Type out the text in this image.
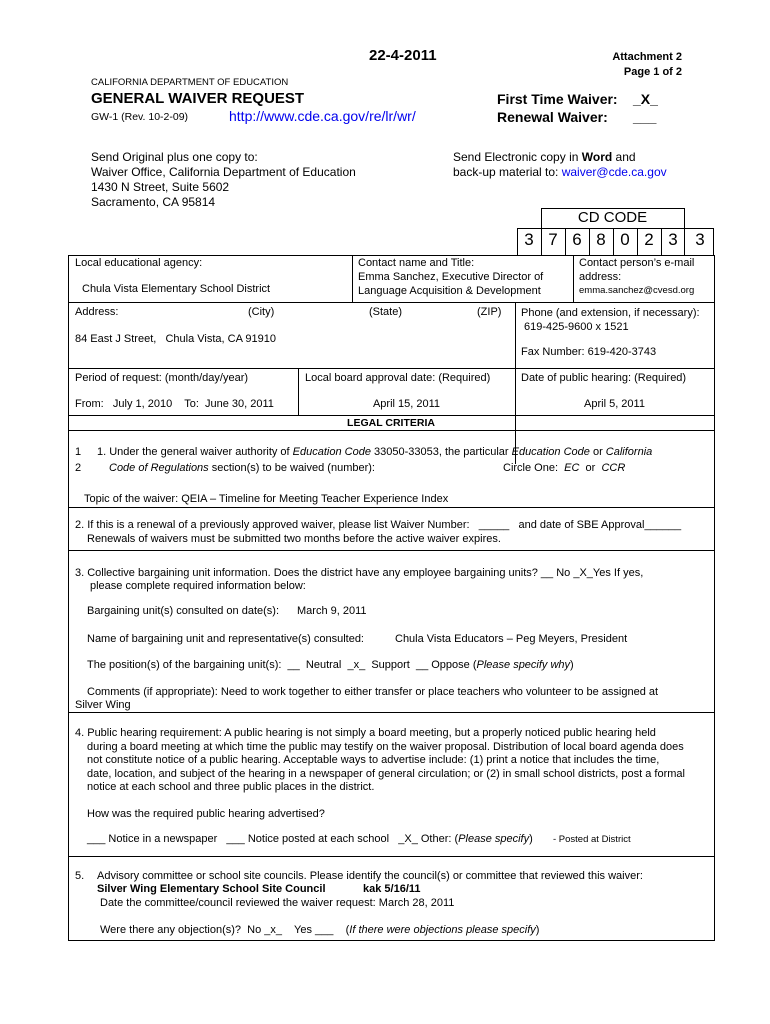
22-4-2011	Attachment 2
Page 1 of 2
CALIFORNIA DEPARTMENT OF EDUCATION
GENERAL WAIVER REQUEST
GW-1 (Rev. 10-2-09)	http://www.cde.ca.gov/re/lr/wr/
First Time Waiver: _X_
Renewal Waiver: ___
Send Original plus one copy to:
Waiver Office, California Department of Education
1430 N Street, Suite 5602
Sacramento, CA 95814
Send Electronic copy in Word and
back-up material to: waiver@cde.ca.gov
CD CODE
3 7 6 8 0 2 3	3
Local educational agency:
Chula Vista Elementary School District
Contact name and Title:
Emma Sanchez, Executive Director of
Language Acquisition & Development
Contact person’s e-mail
address:
emma.sanchez@cvesd.org
Address:	(City)	(State)	(ZIP)
84 East J Street,   Chula Vista, CA 91910
Phone (and extension, if necessary):
619-425-9600 x 1521
Fax Number: 619-420-3743
Period of request: (month/day/year)
From:   July 1, 2010    To:  June 30, 2011
Local board approval date: (Required)
April 15, 2011
Date of public hearing: (Required)
April 5, 2011
LEGAL CRITERIA
1
2
1. Under the general waiver authority of Education Code 33050-33053, the particular Education Code or California
Code of Regulations section(s) to be waived (number):	Circle One:  EC  or  CCR
Topic of the waiver: QEIA – Timeline for Meeting Teacher Experience Index
2. If this is a renewal of a previously approved waiver, please list Waiver Number:   _____   and date of SBE Approval______
Renewals of waivers must be submitted two months before the active waiver expires.
3. Collective bargaining unit information. Does the district have any employee bargaining units? __ No _X_Yes If yes,
please complete required information below:
Bargaining unit(s) consulted on date(s): March 9, 2011
Name of bargaining unit and representative(s) consulted:	Chula Vista Educators – Peg Meyers, President
The position(s) of the bargaining unit(s):  __  Neutral  _x_  Support  __ Oppose (Please specify why)
Comments (if appropriate): Need to work together to either transfer or place teachers who volunteer to be assigned at
Silver Wing
4. Public hearing requirement: A public hearing is not simply a board meeting, but a properly noticed public hearing held
during a board meeting at which time the public may testify on the waiver proposal. Distribution of local board agenda does
not constitute notice of a public hearing. Acceptable ways to advertise include: (1) print a notice that includes the time,
date, location, and subject of the hearing in a newspaper of general circulation; or (2) in small school districts, post a formal
notice at each school and three public places in the district.
How was the required public hearing advertised?
___ Notice in a newspaper   ___ Notice posted at each school   _X_ Other: (Please specify) - Posted at District
5. Advisory committee or school site councils. Please identify the council(s) or committee that reviewed this waiver:
Silver Wing Elementary School Site Council	kak 5/16/11
Date the committee/council reviewed the waiver request: March 28, 2011
Were there any objection(s)?  No _x_    Yes ___    (If there were objections please specify)
